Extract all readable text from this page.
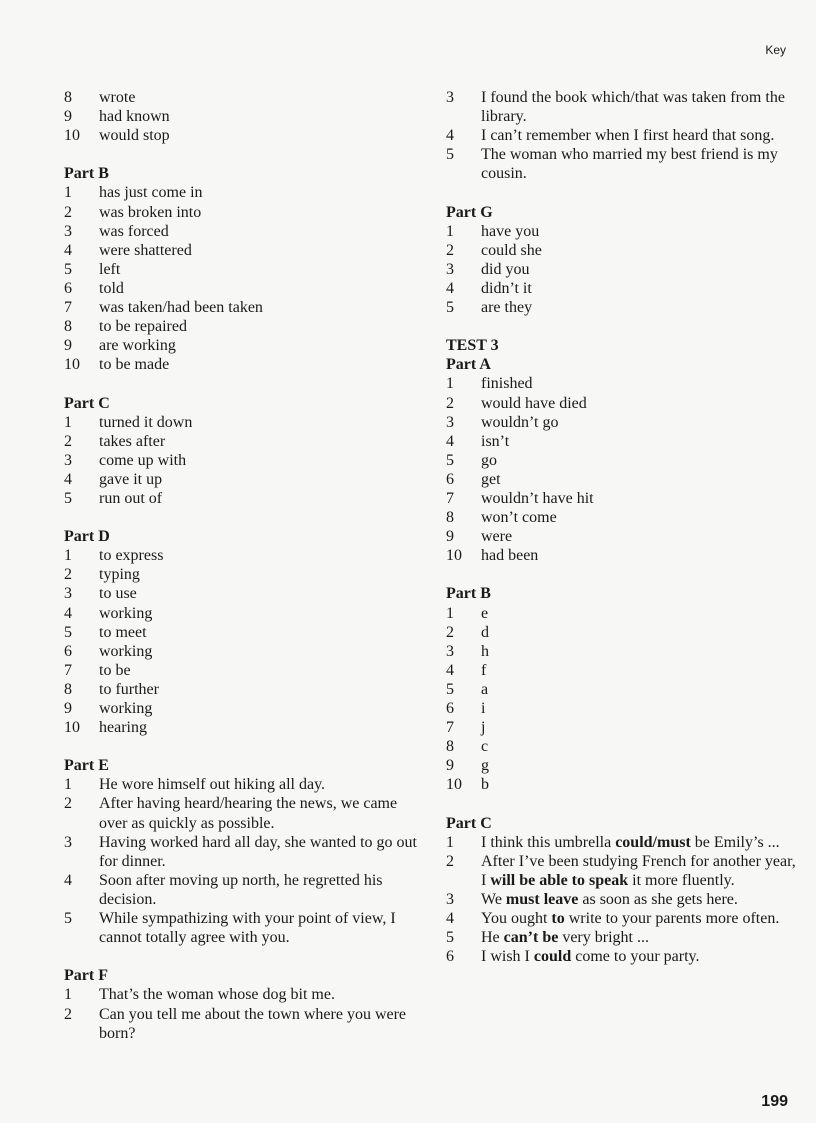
Key
8	wrote
9	had known
10	would stop
Part B
1	has just come in
2	was broken into
3	was forced
4	were shattered
5	left
6	told
7	was taken/had been taken
8	to be repaired
9	are working
10	to be made
Part C
1	turned it down
2	takes after
3	come up with
4	gave it up
5	run out of
Part D
1	to express
2	typing
3	to use
4	working
5	to meet
6	working
7	to be
8	to further
9	working
10	hearing
Part E
1	He wore himself out hiking all day.
2	After having heard/hearing the news, we came over as quickly as possible.
3	Having worked hard all day, she wanted to go out for dinner.
4	Soon after moving up north, he regretted his decision.
5	While sympathizing with your point of view, I cannot totally agree with you.
Part F
1	That’s the woman whose dog bit me.
2	Can you tell me about the town where you were born?
3	I found the book which/that was taken from the library.
4	I can’t remember when I first heard that song.
5	The woman who married my best friend is my cousin.
Part G
1	have you
2	could she
3	did you
4	didn’t it
5	are they
TEST 3
Part A
1	finished
2	would have died
3	wouldn’t go
4	isn’t
5	go
6	get
7	wouldn’t have hit
8	won’t come
9	were
10	had been
Part B
1	e
2	d
3	h
4	f
5	a
6	i
7	j
8	c
9	g
10	b
Part C
1	I think this umbrella could/must be Emily’s ...
2	After I’ve been studying French for another year, I will be able to speak it more fluently.
3	We must leave as soon as she gets here.
4	You ought to write to your parents more often.
5	He can’t be very bright ...
6	I wish I could come to your party.
199
